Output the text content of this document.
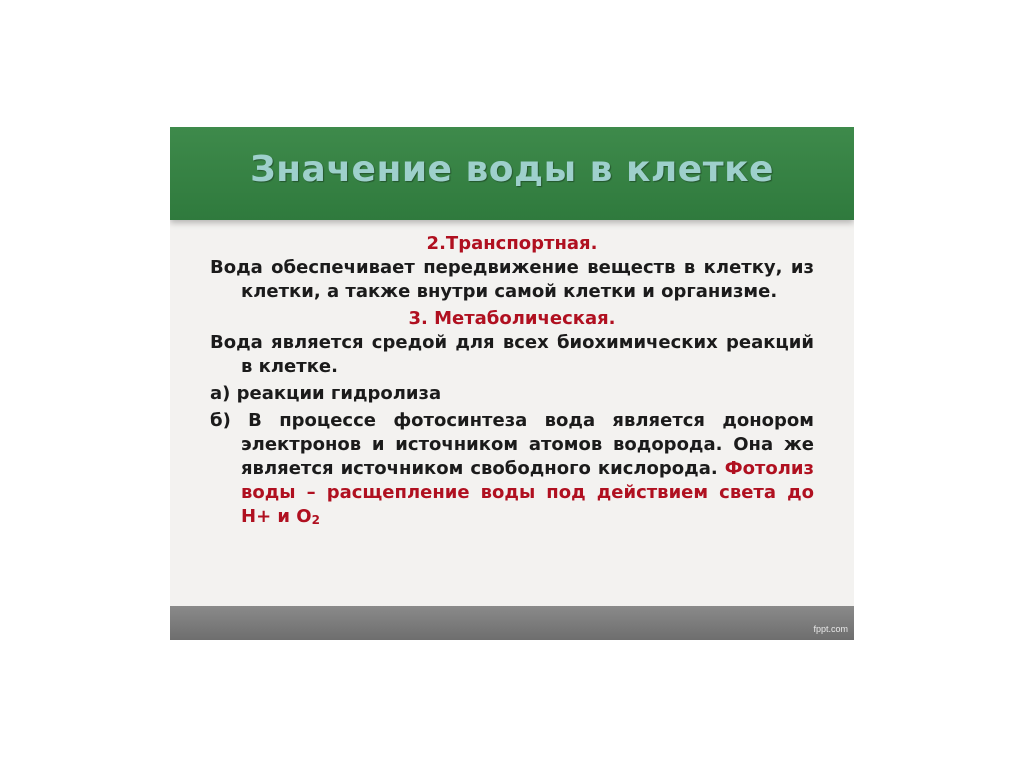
Значение воды в клетке
2.Транспортная.
Вода обеспечивает передвижение веществ в клетку, из клетки, а также внутри самой клетки и организме.
3. Метаболическая.
Вода является средой для всех биохимических реакций в клетке.
а) реакции гидролиза
б) В процессе фотосинтеза вода является донором электронов и источником атомов водорода. Она же является источником свободного кислорода. Фотолиз воды – расщепление воды под действием света до Н+ и $О_2$
fppt.com
